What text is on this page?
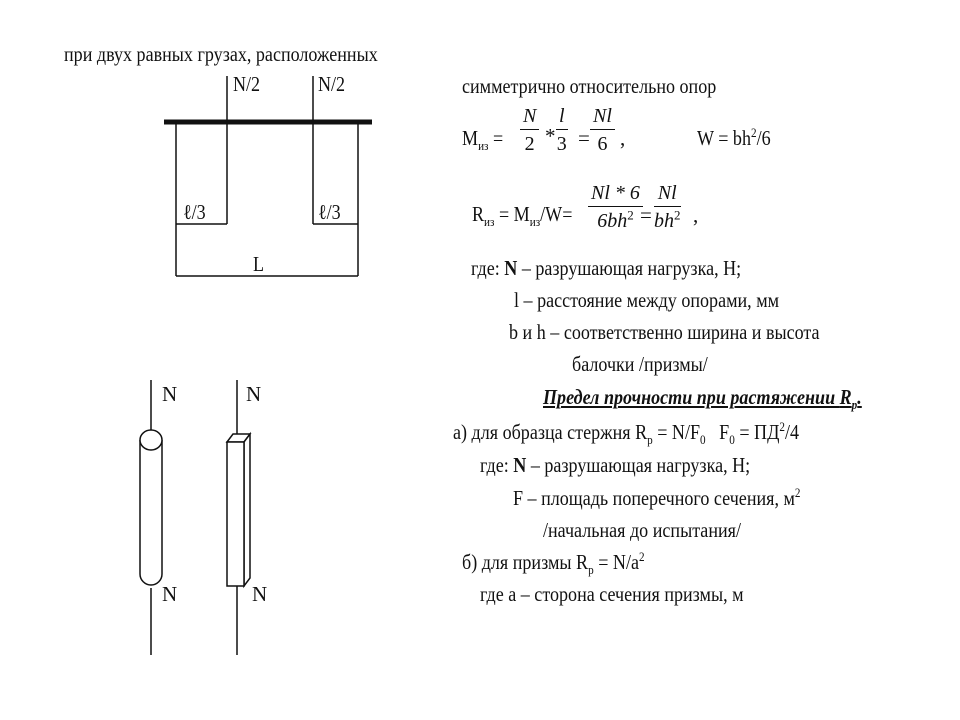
при двух равных грузах, расположенных
N/2	N/2
ℓ/3	ℓ/3
L
симметрично относительно опор
$M_{из} = \frac{N}{2} * \frac{l}{3} = \frac{Nl}{6}$ ,	$W = bh^2/6$
$R_{из} = M_{из}/W= \frac{Nl * 6}{6bh^2}$
= $\frac{Nl}{bh^2}$ ,
где: N – разрушающая нагрузка, Н;
l – расстояние между опорами, мм
b и h – соответственно ширина и высота
балочки /призмы/
Предел прочности при растяжении $R_р$.
а) для образца стержня $R_р = N/F_0$   $F_0 = ПД^2/4$
где: N – разрушающая нагрузка, Н;
F – площадь поперечного сечения, $м^2$
/начальная до испытания/
б) для призмы $R_р = N/a^2$
где а – сторона сечения призмы, м
N	N
N	N
